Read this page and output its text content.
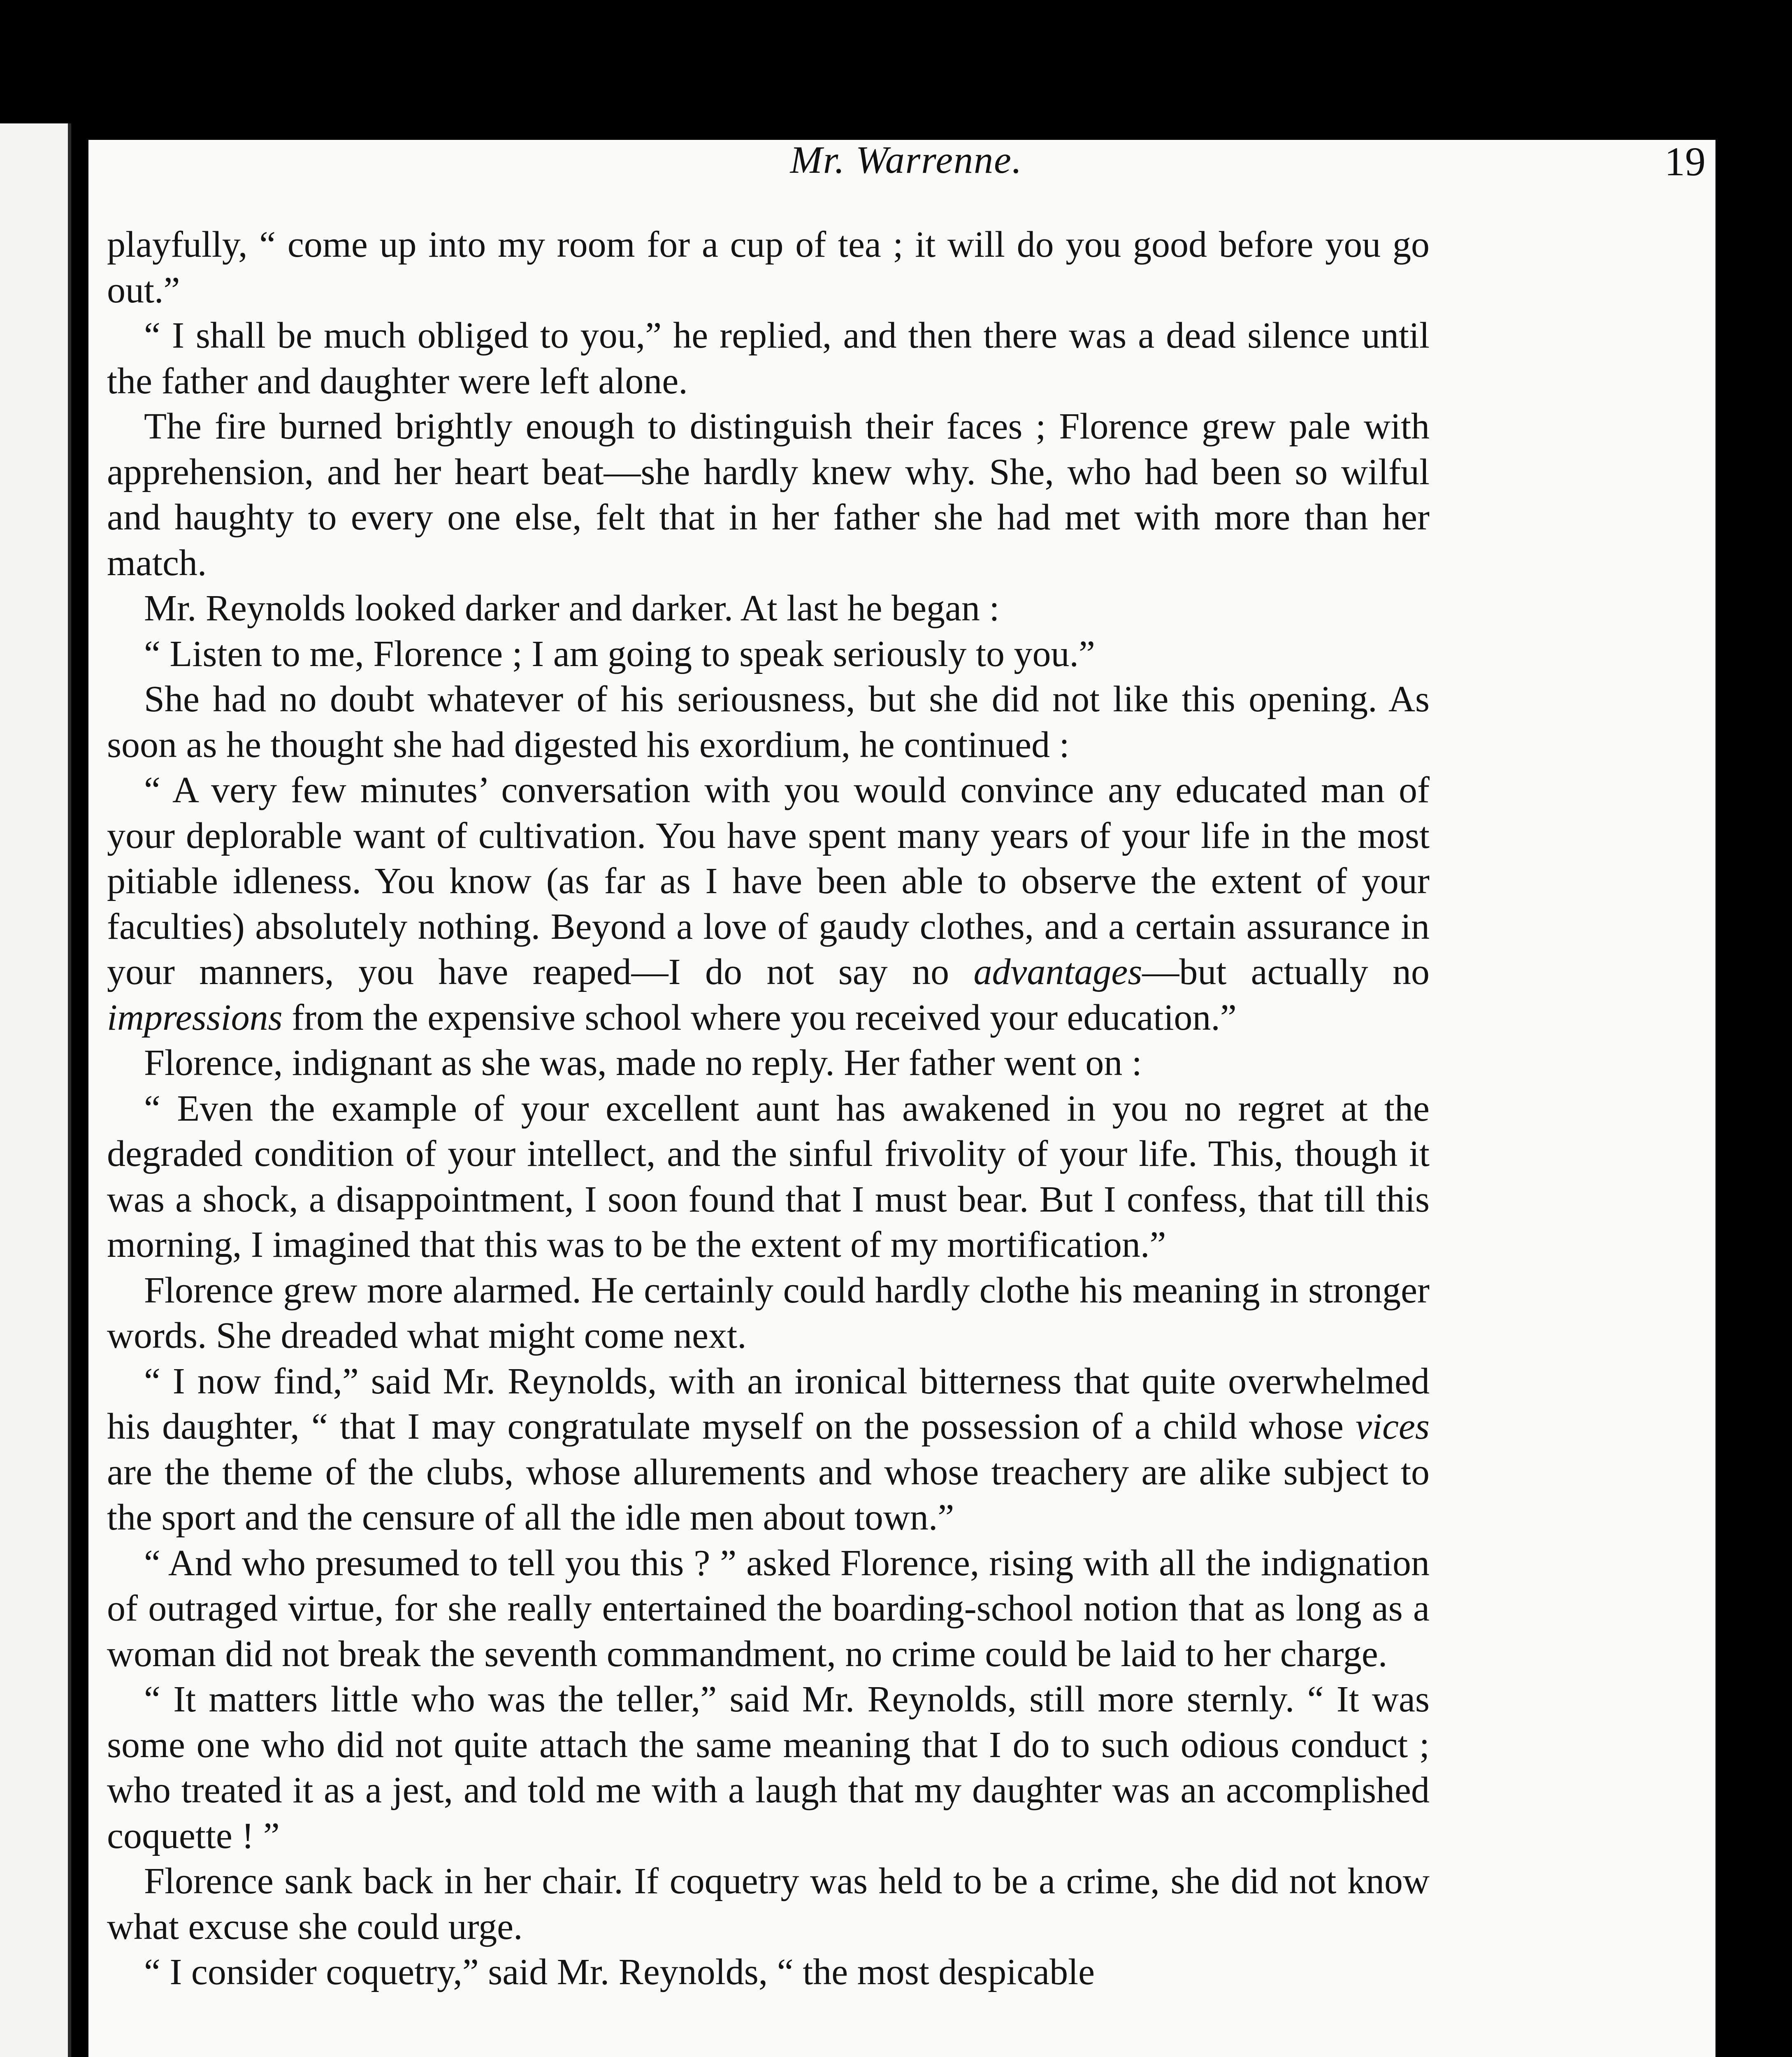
Mr. Warrenne.	19

playfully, “ come up into my room for a cup of tea ; it will do you good before you go out.”

“ I shall be much obliged to you,” he replied, and then there was a dead silence until the father and daughter were left alone.

The fire burned brightly enough to distinguish their faces ; Florence grew pale with apprehension, and her heart beat—she hardly knew why. She, who had been so wilful and haughty to every one else, felt that in her father she had met with more than her match.

Mr. Reynolds looked darker and darker. At last he began :

“ Listen to me, Florence ; I am going to speak seriously to you.”

She had no doubt whatever of his seriousness, but she did not like this opening. As soon as he thought she had digested his exordium, he continued :

“ A very few minutes’ conversation with you would convince any educated man of your deplorable want of cultivation. You have spent many years of your life in the most pitiable idleness. You know (as far as I have been able to observe the extent of your faculties) absolutely nothing. Beyond a love of gaudy clothes, and a certain assurance in your manners, you have reaped—I do not say no advantages—but actually no impressions from the expensive school where you received your education.”

Florence, indignant as she was, made no reply. Her father went on :

“ Even the example of your excellent aunt has awakened in you no regret at the degraded condition of your intellect, and the sinful frivolity of your life. This, though it was a shock, a disappointment, I soon found that I must bear. But I confess, that till this morning, I imagined that this was to be the extent of my mortification.”

Florence grew more alarmed. He certainly could hardly clothe his meaning in stronger words. She dreaded what might come next.

“ I now find,” said Mr. Reynolds, with an ironical bitterness that quite overwhelmed his daughter, “ that I may congratulate myself on the possession of a child whose vices are the theme of the clubs, whose allurements and whose treachery are alike subject to the sport and the censure of all the idle men about town.”

“ And who presumed to tell you this ? ” asked Florence, rising with all the indignation of outraged virtue, for she really entertained the boarding-school notion that as long as a woman did not break the seventh commandment, no crime could be laid to her charge.

“ It matters little who was the teller,” said Mr. Reynolds, still more sternly. “ It was some one who did not quite attach the same meaning that I do to such odious conduct ; who treated it as a jest, and told me with a laugh that my daughter was an accomplished coquette ! ”

Florence sank back in her chair. If coquetry was held to be a crime, she did not know what excuse she could urge.

“ I consider coquetry,” said Mr. Reynolds, “ the most despicable
